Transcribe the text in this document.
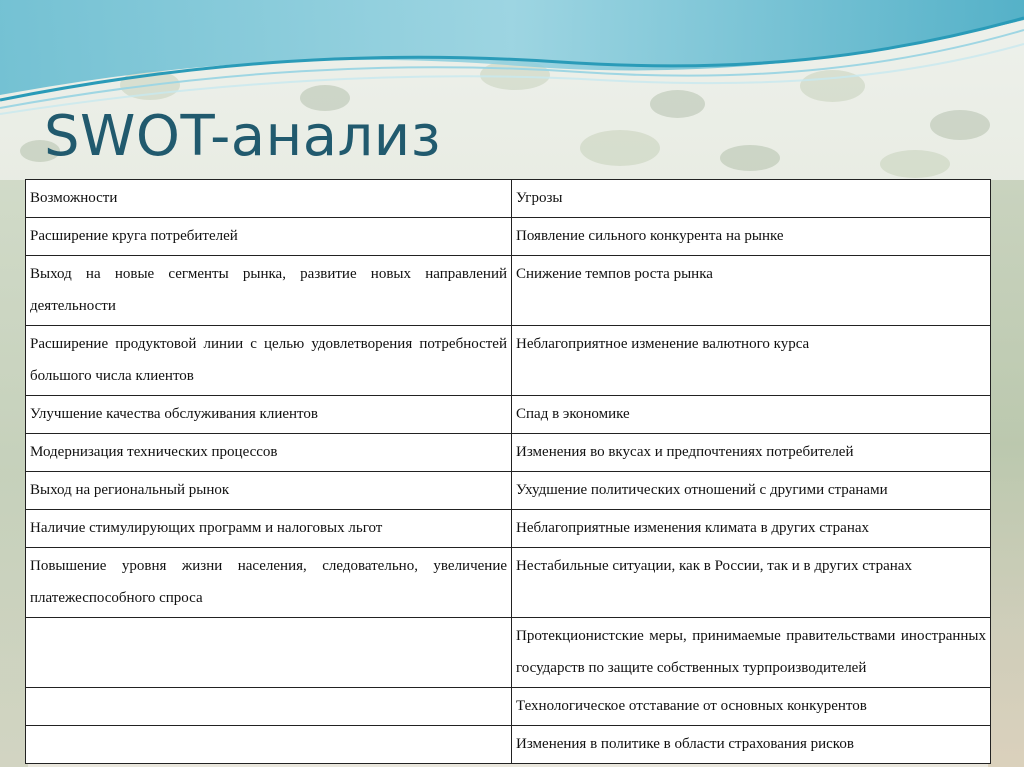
SWOT-анализ
Возможности	Угрозы
Расширение круга потребителей	Появление сильного конкурента на рынке
Выход на новые сегменты рынка, развитие новых направлений деятельности	Снижение темпов роста рынка
Расширение продуктовой линии с целью удовлетворения потребностей большого числа клиентов	Неблагоприятное изменение валютного курса
Улучшение качества обслуживания клиентов	Спад в экономике
Модернизация технических процессов	Изменения во вкусах и предпочтениях потребителей
Выход на региональный рынок	Ухудшение политических отношений с другими странами
Наличие стимулирующих программ и налоговых льгот	Неблагоприятные изменения климата в других странах
Повышение уровня жизни населения, следовательно, увеличение платежеспособного спроса	Нестабильные ситуации, как в России, так и в других странах
	Протекционистские меры, принимаемые правительствами иностранных государств по защите собственных турпроизводителей
	Технологическое отставание от основных конкурентов
	Изменения в политике в области страхования рисков
